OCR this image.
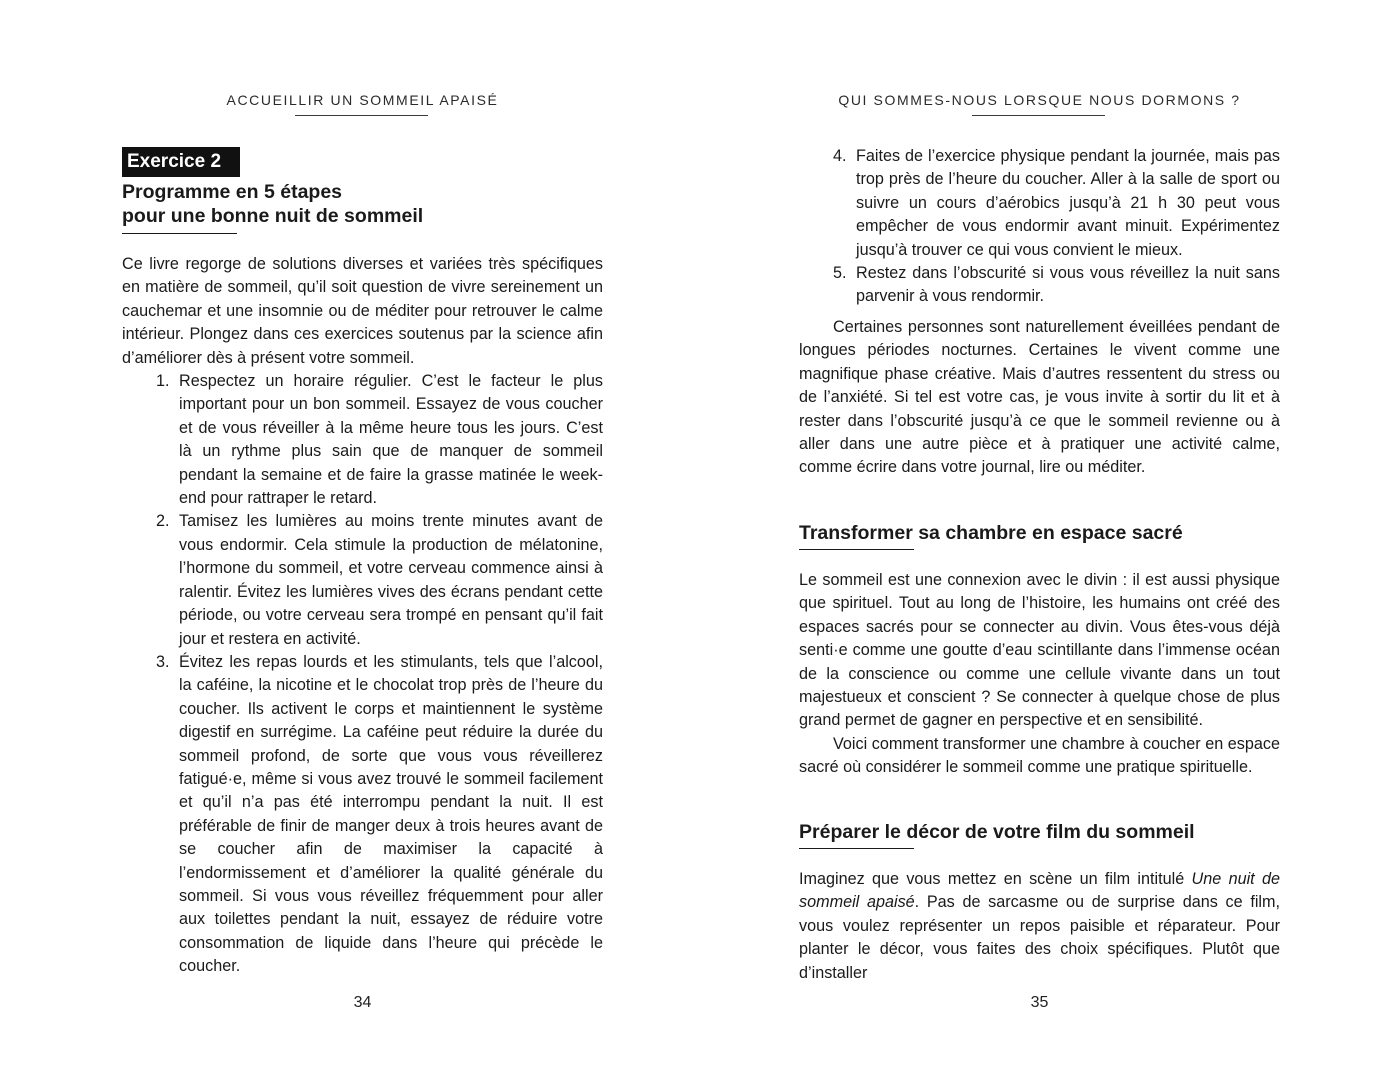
ACCUEILLIR UN SOMMEIL APAISÉ
Exercice 2
Programme en 5 étapes
pour une bonne nuit de sommeil

Ce livre regorge de solutions diverses et variées très spécifiques en matière de sommeil, qu’il soit question de vivre sereinement un cauchemar et une insomnie ou de méditer pour retrouver le calme intérieur. Plongez dans ces exercices soutenus par la science afin d’améliorer dès à présent votre sommeil.

1. Respectez un horaire régulier. C’est le facteur le plus important pour un bon sommeil. Essayez de vous coucher et de vous réveiller à la même heure tous les jours. C’est là un rythme plus sain que de manquer de sommeil pendant la semaine et de faire la grasse matinée le week-end pour rattraper le retard.
2. Tamisez les lumières au moins trente minutes avant de vous endormir. Cela stimule la production de mélatonine, l’hormone du sommeil, et votre cerveau commence ainsi à ralentir. Évitez les lumières vives des écrans pendant cette période, ou votre cerveau sera trompé en pensant qu’il fait jour et restera en activité.
3. Évitez les repas lourds et les stimulants, tels que l’alcool, la caféine, la nicotine et le chocolat trop près de l’heure du coucher. Ils activent le corps et maintiennent le système digestif en surrégime. La caféine peut réduire la durée du sommeil profond, de sorte que vous vous réveillerez fatigué·e, même si vous avez trouvé le sommeil facilement et qu’il n’a pas été interrompu pendant la nuit. Il est préférable de finir de manger deux à trois heures avant de se coucher afin de maximiser la capacité à l’endormissement et d’améliorer la qualité générale du sommeil. Si vous vous réveillez fréquemment pour aller aux toilettes pendant la nuit, essayez de réduire votre consommation de liquide dans l’heure qui précède le coucher.
34
QUI SOMMES-NOUS LORSQUE NOUS DORMONS ?
4. Faites de l’exercice physique pendant la journée, mais pas trop près de l’heure du coucher. Aller à la salle de sport ou suivre un cours d’aérobics jusqu’à 21 h 30 peut vous empêcher de vous endormir avant minuit. Expérimentez jusqu’à trouver ce qui vous convient le mieux.
5. Restez dans l’obscurité si vous vous réveillez la nuit sans parvenir à vous rendormir.

Certaines personnes sont naturellement éveillées pendant de longues périodes nocturnes. Certaines le vivent comme une magnifique phase créative. Mais d’autres ressentent du stress ou de l’anxiété. Si tel est votre cas, je vous invite à sortir du lit et à rester dans l’obscurité jusqu’à ce que le sommeil revienne ou à aller dans une autre pièce et à pratiquer une activité calme, comme écrire dans votre journal, lire ou méditer.

Transformer sa chambre en espace sacré

Le sommeil est une connexion avec le divin : il est aussi physique que spirituel. Tout au long de l’histoire, les humains ont créé des espaces sacrés pour se connecter au divin. Vous êtes-vous déjà senti·e comme une goutte d’eau scintillante dans l’immense océan de la conscience ou comme une cellule vivante dans un tout majestueux et conscient ? Se connecter à quelque chose de plus grand permet de gagner en perspective et en sensibilité.

Voici comment transformer une chambre à coucher en espace sacré où considérer le sommeil comme une pratique spirituelle.

Préparer le décor de votre film du sommeil

Imaginez que vous mettez en scène un film intitulé Une nuit de sommeil apaisé. Pas de sarcasme ou de surprise dans ce film, vous voulez représenter un repos paisible et réparateur. Pour planter le décor, vous faites des choix spécifiques. Plutôt que d’installer

35
